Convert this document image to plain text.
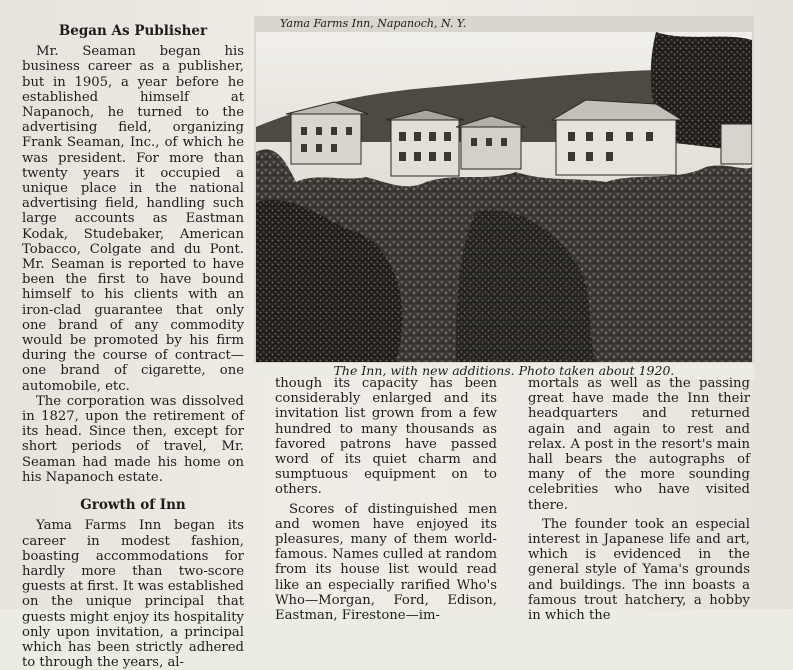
Began As Publisher

Mr. Seaman began his business career as a publisher, but in 1905, a year before he established himself at Napanoch, he turned to the advertising field, organizing Frank Seaman, Inc., of which he was president. For more than twenty years it occupied a unique place in the national advertising field, handling such large accounts as Eastman Kodak, Studebaker, American Tobacco, Colgate and du Pont. Mr. Seaman is reported to have been the first to have bound himself to his clients with an iron-clad guarantee that only one brand of any commodity would be promoted by his firm during the course of contract—one brand of cigarette, one automobile, etc.

The corporation was dissolved in 1827, upon the retirement of its head. Since then, except for short periods of travel, Mr. Seaman had made his home on his Napanoch estate.

Growth of Inn

Yama Farms Inn began its career in modest fashion, boasting accommodations for hardly more than two-score guests at first. It was established on the unique principal that guests might enjoy its hospitality only upon invitation, a principal which has been strictly adhered to through the years, al-

Yama Farms Inn, Napanoch, N. Y.
The Inn, with new additions. Photo taken about 1920.

though its capacity has been considerably enlarged and its invitation list grown from a few hundred to many thousands as favored patrons have passed word of its quiet charm and sumptuous equipment on to others.

Scores of distinguished men and women have enjoyed its pleasures, many of them world-famous. Names culled at random from its house list would read like an especially rarified Who's Who—Morgan, Ford, Edison, Eastman, Firestone—im-

mortals as well as the passing great have made the Inn their headquarters and returned again and again to rest and relax. A post in the resort's main hall bears the autographs of many of the more sounding celebrities who have visited there.

The founder took an especial interest in Japanese life and art, which is evidenced in the general style of Yama's grounds and buildings. The inn boasts a famous trout hatchery, a hobby in which the
